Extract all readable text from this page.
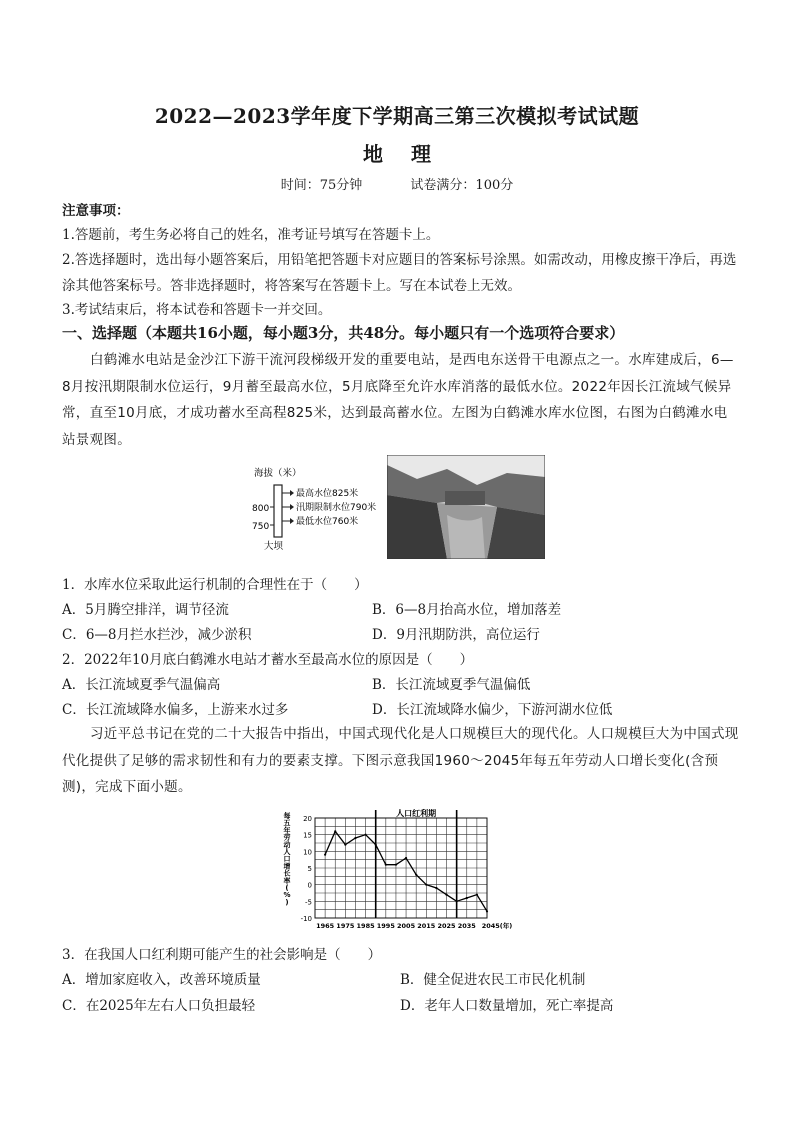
2022—2023学年度下学期高三第三次模拟考试试题
地理
时间：75分钟	试卷满分：100分
注意事项：
1.答题前，考生务必将自己的姓名，准考证号填写在答题卡上。
2.答选择题时，选出每小题答案后，用铅笔把答题卡对应题目的答案标号涂黑。如需改动，用橡皮擦干净后，再选涂其他答案标号。答非选择题时，将答案写在答题卡上。写在本试卷上无效。
3.考试结束后，将本试卷和答题卡一并交回。
一、选择题（本题共16小题，每小题3分，共48分。每小题只有一个选项符合要求）
白鹤滩水电站是金沙江下游干流河段梯级开发的重要电站，是西电东送骨干电源点之一。水库建成后，6—8月按汛期限制水位运行，9月蓄至最高水位，5月底降至允许水库消落的最低水位。2022年因长江流域气候异常，直至10月底，才成功蓄水至高程825米，达到最高蓄水位。左图为白鹤滩水库水位图，右图为白鹤滩水电站景观图。
海拔（米）
800
750
最高水位825米
汛期限制水位790米
最低水位760米
大坝
1．水库水位采取此运行机制的合理性在于（　　）
A．5月腾空排洋，调节径流	B．6—8月抬高水位，增加落差
C．6—8月拦水拦沙，减少淤积	D．9月汛期防洪，高位运行
2．2022年10月底白鹤滩水电站才蓄水至最高水位的原因是（　　）
A．长江流域夏季气温偏高	B．长江流域夏季气温偏低
C．长江流域降水偏多，上游来水过多	D．长江流域降水偏少，下游河湖水位低
习近平总书记在党的二十大报告中指出，中国式现代化是人口规模巨大的现代化。人口规模巨大为中国式现代化提供了足够的需求韧性和有力的要素支撑。下图示意我国1960～2045年每五年劳动人口增长变化(含预测)，完成下面小题。
人口红利期
20
15
10
5
0
-5
-10
每
五
年
劳
动
人
口
增
长
率
(
%
)
1965 1975 1985 1995 2005 2015 2025 2035 2045(年)
3．在我国人口红利期可能产生的社会影响是（　　）
A．增加家庭收入，改善环境质量	B．健全促进农民工市民化机制
C．在2025年左右人口负担最轻	D．老年人口数量增加，死亡率提高
